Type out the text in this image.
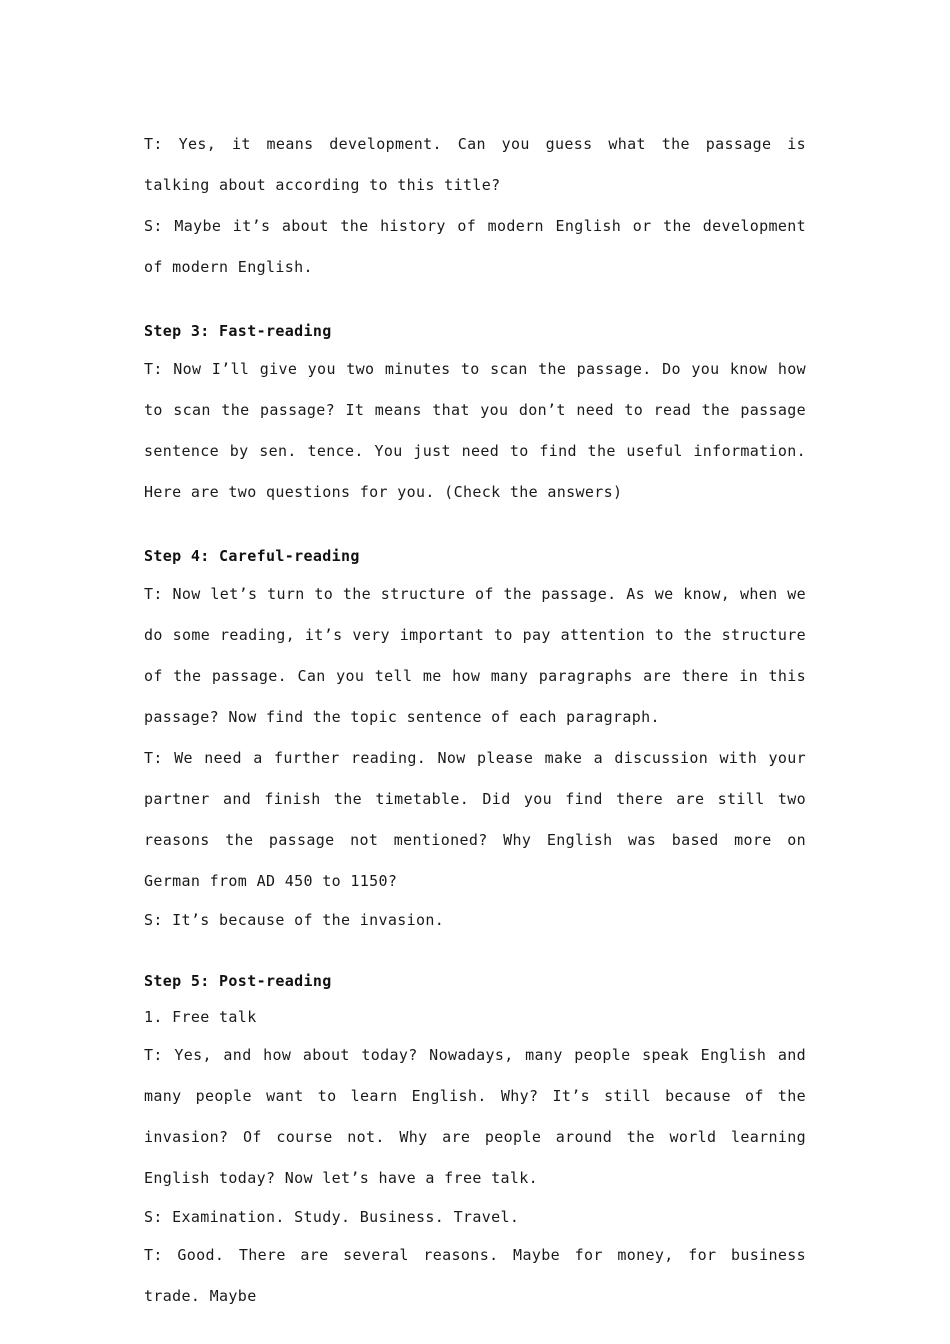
T: Yes, it means development. Can you guess what the passage is talking about according to this title?

S: Maybe it’s about the history of modern English or the development of modern English.

Step 3: Fast-reading

T: Now I’ll give you two minutes to scan the passage. Do you know how to scan the passage? It means that you don’t need to read the passage sentence by sen. tence. You just need to find the useful information. Here are two questions for you. (Check the answers)

Step 4: Careful-reading

T: Now let’s turn to the structure of the passage. As we know, when we do some reading, it’s very important to pay attention to the structure of the passage. Can you tell me how many paragraphs are there in this passage? Now find the topic sentence of each paragraph.

T: We need a further reading. Now please make a discussion with your partner and finish the timetable. Did you find there are still two reasons the passage not mentioned? Why English was based more on German from AD 450 to 1150?

S: It’s because of the invasion.

Step 5: Post-reading

1. Free talk

T: Yes, and how about today? Nowadays, many people speak English and many people want to learn English. Why? It’s still because of the invasion? Of course not. Why are people around the world learning English today? Now let’s have a free talk.

S: Examination. Study. Business. Travel.

T: Good. There are several reasons. Maybe for money, for business trade. Maybe
